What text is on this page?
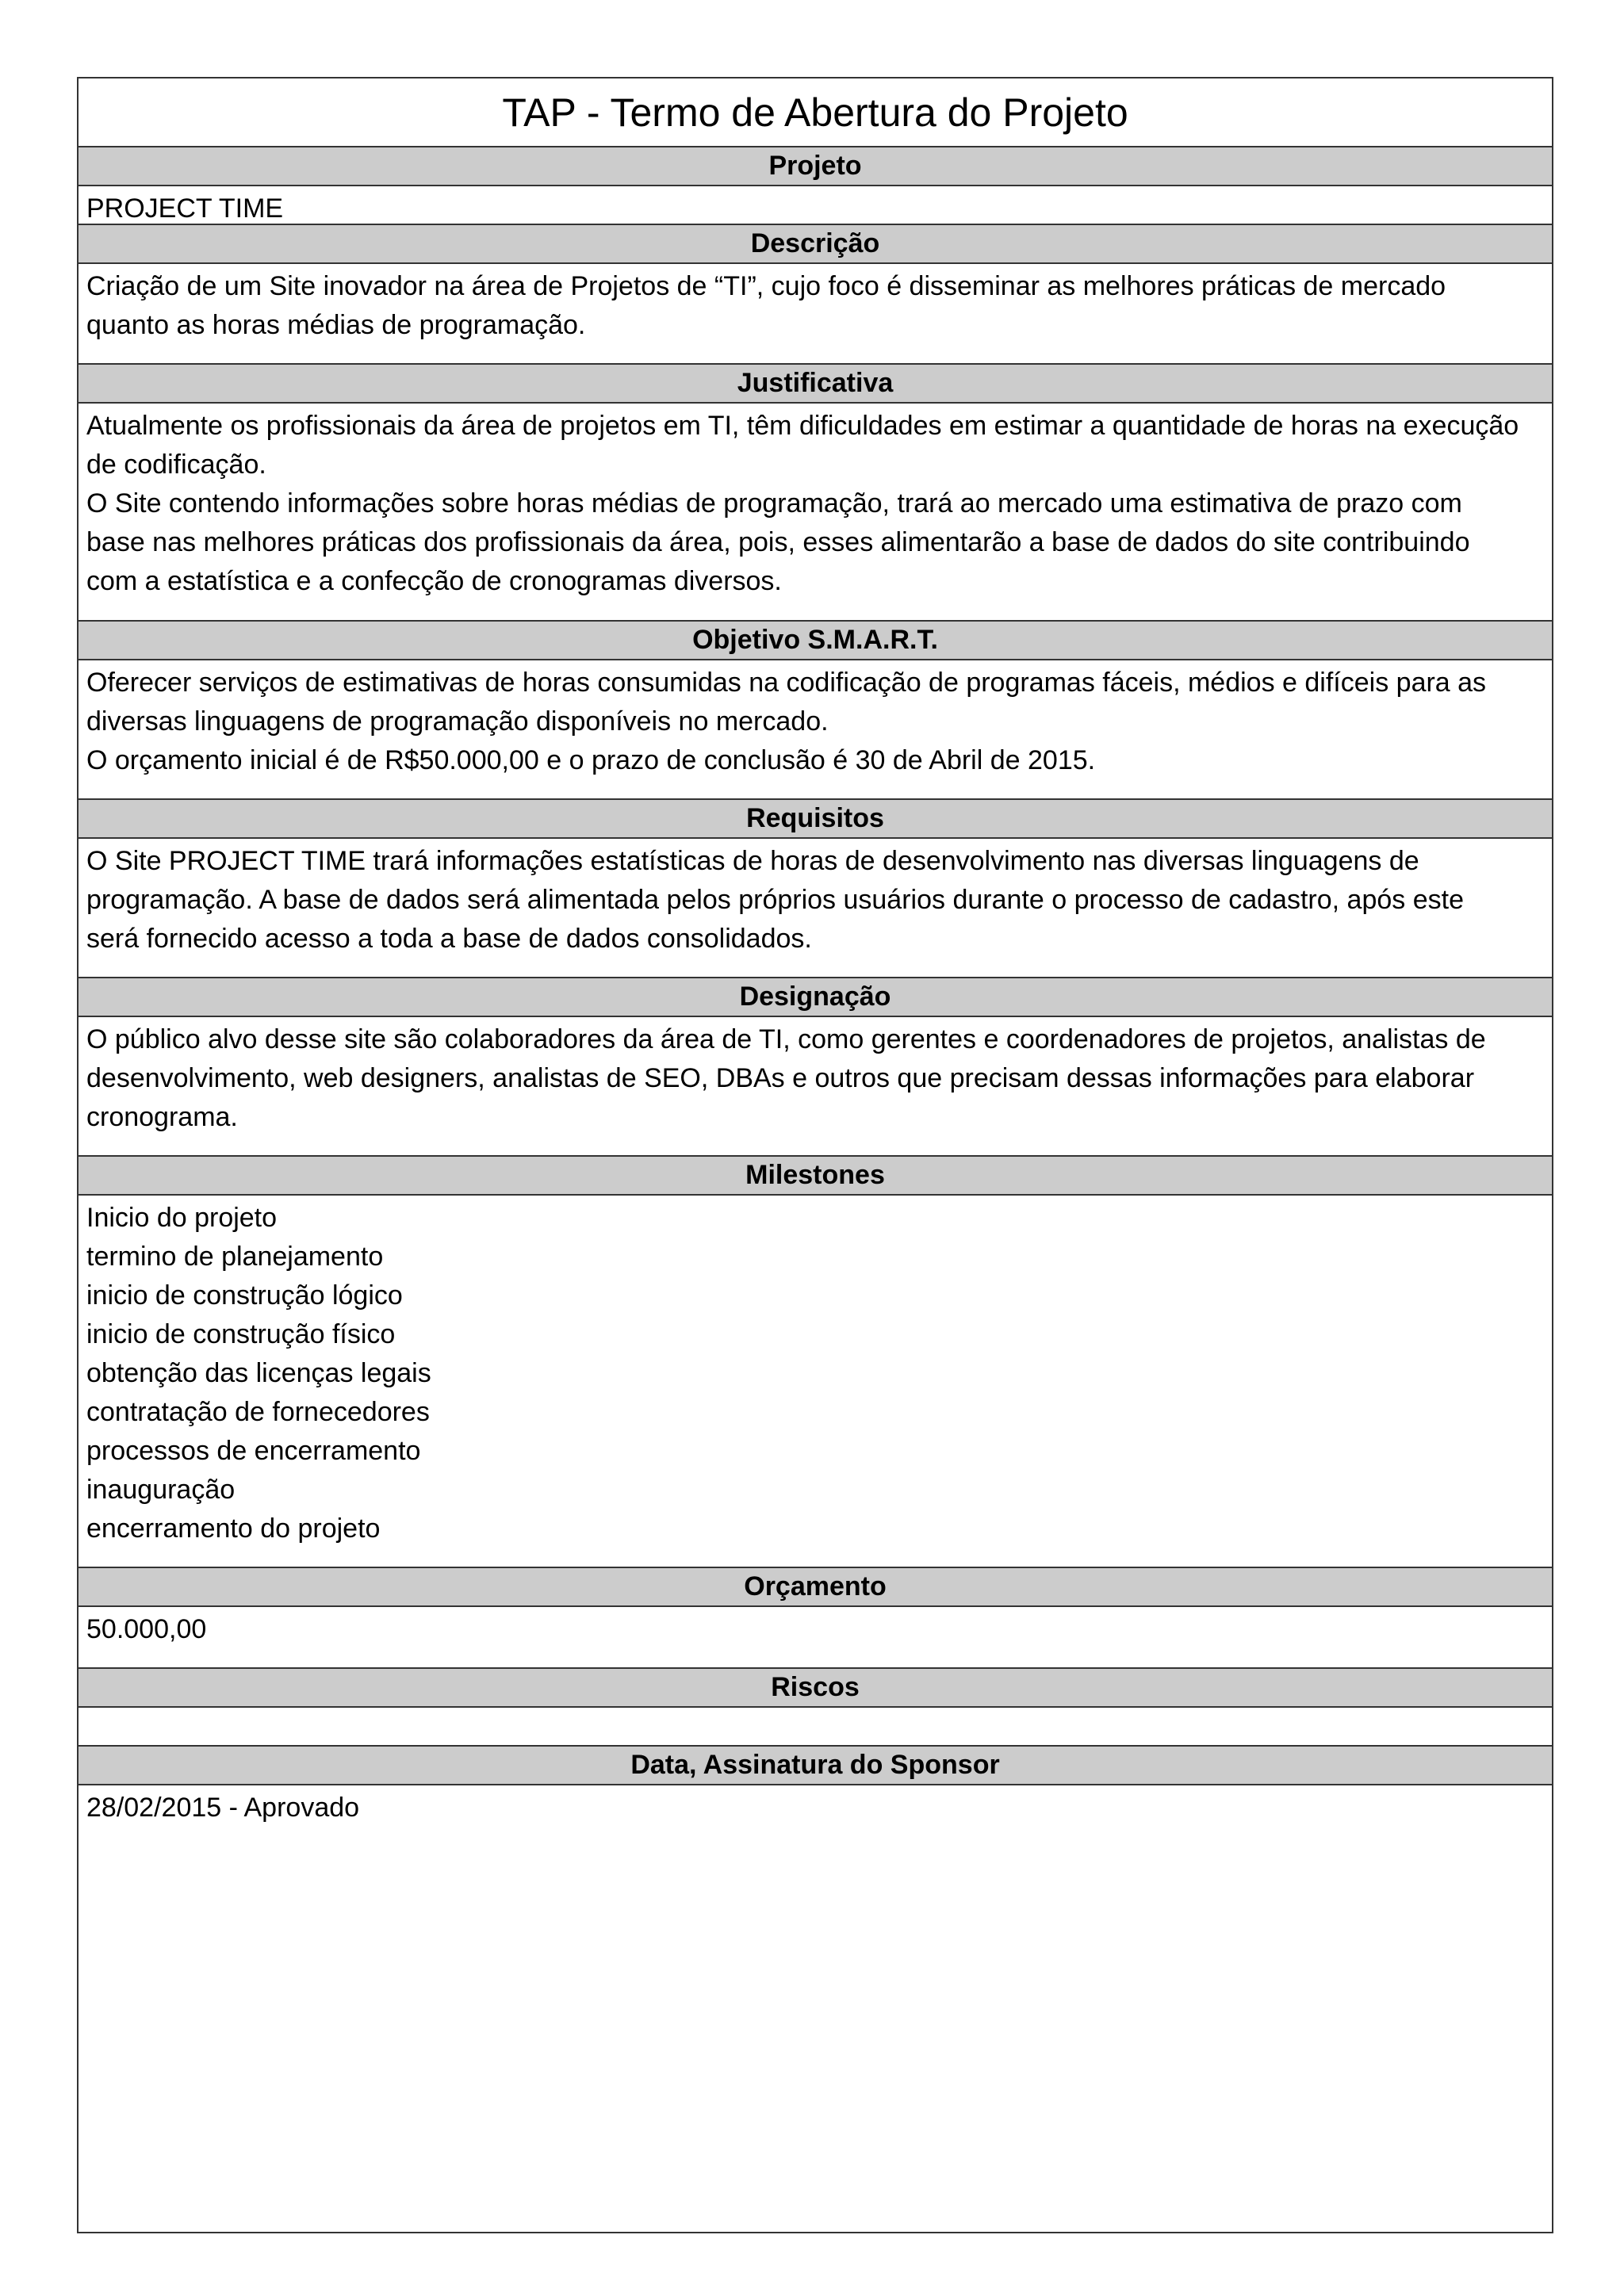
TAP - Termo de Abertura do Projeto
Projeto
PROJECT TIME
Descrição
Criação de um Site inovador na área de Projetos de “TI”, cujo foco é disseminar as melhores práticas de mercado
quanto as horas médias de programação.
Justificativa
Atualmente os profissionais da área de projetos em TI, têm dificuldades em estimar a quantidade de horas na execução
de codificação.
O Site contendo informações sobre horas médias de programação, trará ao mercado uma estimativa de prazo com
base nas melhores práticas dos profissionais da área, pois, esses alimentarão a base de dados do site contribuindo
com a estatística e a confecção de cronogramas diversos.
Objetivo S.M.A.R.T.
Oferecer serviços de estimativas de horas consumidas na codificação de programas fáceis, médios e difíceis para as
diversas linguagens de programação disponíveis no mercado.
O orçamento inicial é de R$50.000,00 e o prazo de conclusão é 30 de Abril de 2015.
Requisitos
O Site PROJECT TIME trará informações estatísticas de horas de desenvolvimento nas diversas linguagens de
programação. A base de dados será alimentada pelos próprios usuários durante o processo de cadastro, após este
será fornecido acesso a toda a base de dados consolidados.
Designação
O público alvo desse site são colaboradores da área de TI, como gerentes e coordenadores de projetos, analistas de
desenvolvimento, web designers, analistas de SEO, DBAs e outros que precisam dessas informações para elaborar
cronograma.
Milestones
Inicio do projeto
termino de planejamento
inicio de construção lógico
inicio de construção físico
obtenção das licenças legais
contratação de fornecedores
processos de encerramento
inauguração
encerramento do projeto
Orçamento
50.000,00
Riscos
Data, Assinatura do Sponsor
28/02/2015 - Aprovado
